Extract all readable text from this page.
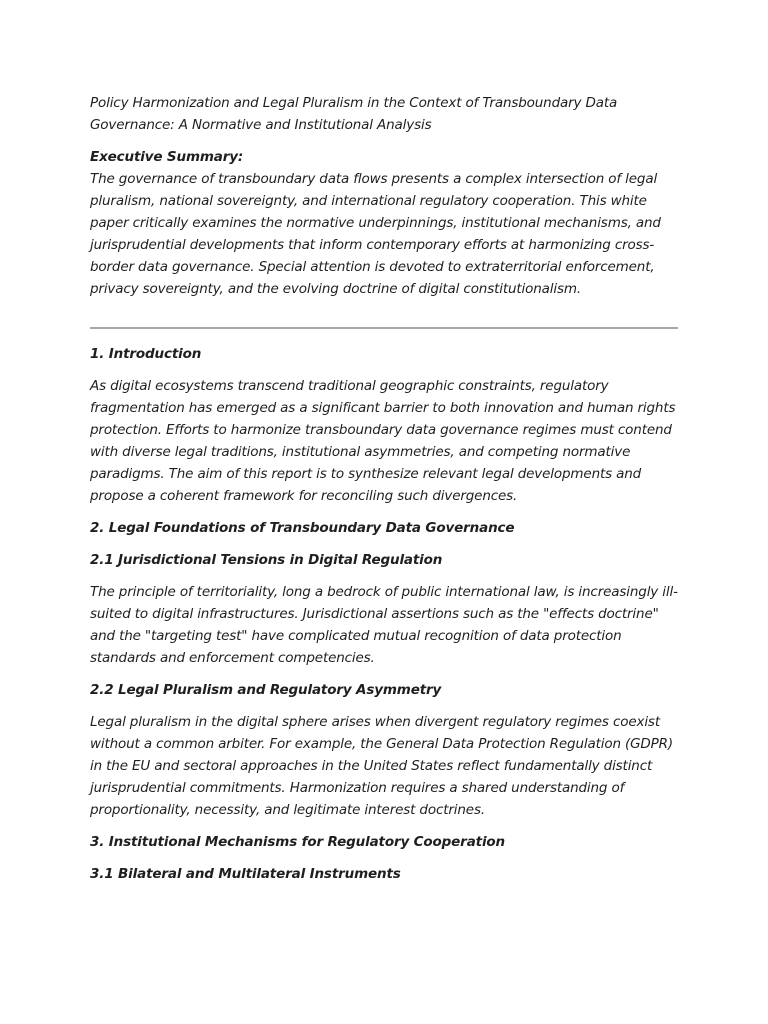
Policy Harmonization and Legal Pluralism in the Context of Transboundary Data Governance: A Normative and Institutional Analysis

Executive Summary:

The governance of transboundary data flows presents a complex intersection of legal pluralism, national sovereignty, and international regulatory cooperation. This white paper critically examines the normative underpinnings, institutional mechanisms, and jurisprudential developments that inform contemporary efforts at harmonizing cross-border data governance. Special attention is devoted to extraterritorial enforcement, privacy sovereignty, and the evolving doctrine of digital constitutionalism.

1. Introduction

As digital ecosystems transcend traditional geographic constraints, regulatory fragmentation has emerged as a significant barrier to both innovation and human rights protection. Efforts to harmonize transboundary data governance regimes must contend with diverse legal traditions, institutional asymmetries, and competing normative paradigms. The aim of this report is to synthesize relevant legal developments and propose a coherent framework for reconciling such divergences.

2. Legal Foundations of Transboundary Data Governance

2.1 Jurisdictional Tensions in Digital Regulation

The principle of territoriality, long a bedrock of public international law, is increasingly ill-suited to digital infrastructures. Jurisdictional assertions such as the "effects doctrine" and the "targeting test" have complicated mutual recognition of data protection standards and enforcement competencies.

2.2 Legal Pluralism and Regulatory Asymmetry

Legal pluralism in the digital sphere arises when divergent regulatory regimes coexist without a common arbiter. For example, the General Data Protection Regulation (GDPR) in the EU and sectoral approaches in the United States reflect fundamentally distinct jurisprudential commitments. Harmonization requires a shared understanding of proportionality, necessity, and legitimate interest doctrines.

3. Institutional Mechanisms for Regulatory Cooperation

3.1 Bilateral and Multilateral Instruments
